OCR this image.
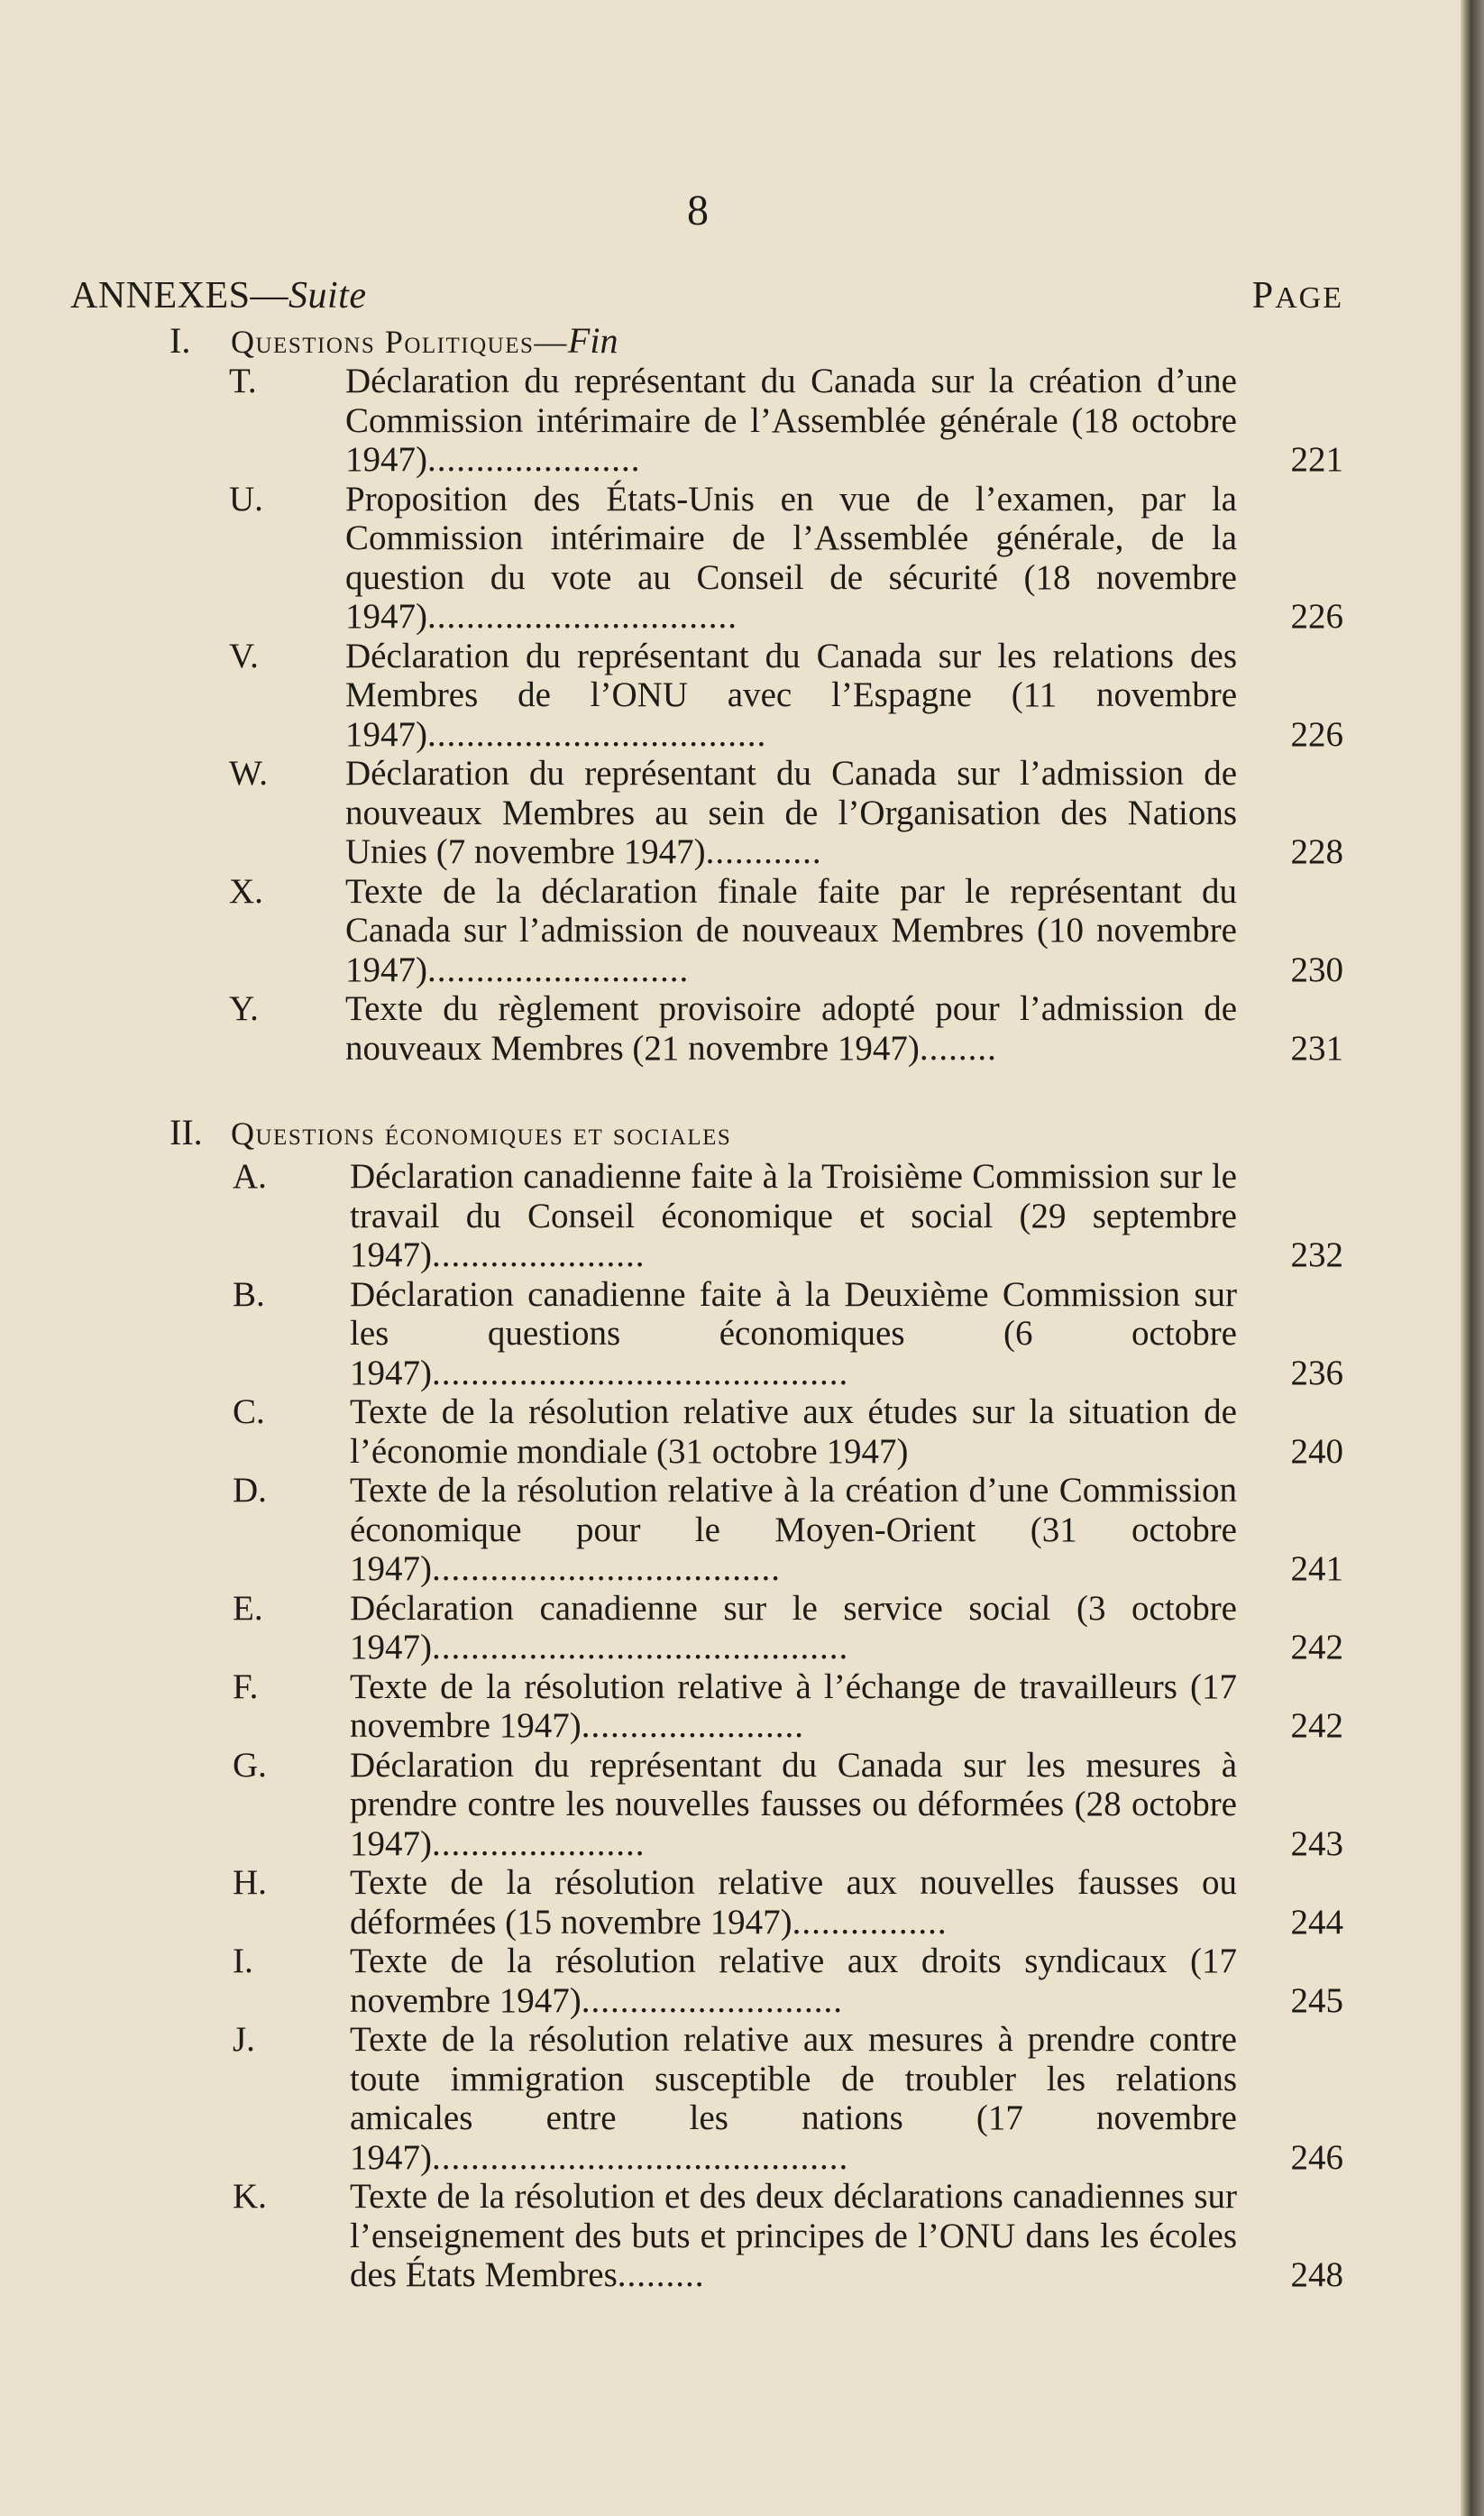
8
ANNEXES—Suite	PAGE
I. Questions Politiques—Fin
T.	Déclaration du représentant du Canada sur la création d’une Commission intérimaire de l’Assemblée générale (18 octobre 1947)......................	221
U. Proposition des États-Unis en vue de l’examen, par la Commission intérimaire de l’Assemblée générale, de la question du vote au Conseil de sécurité (18 novembre 1947)................................	226
V. Déclaration du représentant du Canada sur les relations des Membres de l’ONU avec l’Espagne (11 novembre 1947)...................................	226
W. Déclaration du représentant du Canada sur l’admission de nouveaux Membres au sein de l’Organisation des Nations Unies (7 novembre 1947)............	228
X. Texte de la déclaration finale faite par le représentant du Canada sur l’admission de nouveaux Membres (10 novembre 1947)...........................	230
Y. Texte du règlement provisoire adopté pour l’admission de nouveaux Membres (21 novembre 1947)........	231
II. Questions économiques et sociales
A. Déclaration canadienne faite à la Troisième Commission sur le travail du Conseil économique et social (29 septembre 1947)......................	232
B. Déclaration canadienne faite à la Deuxième Commission sur les questions économiques (6 octobre 1947)...........................................	236
C. Texte de la résolution relative aux études sur la situation de l’économie mondiale (31 octobre 1947)	240
D. Texte de la résolution relative à la création d’une Commission économique pour le Moyen-Orient (31 octobre 1947)....................................	241
E. Déclaration canadienne sur le service social (3 octobre 1947)...........................................	242
F.	Texte de la résolution relative à l’échange de travailleurs (17 novembre 1947).......................	242
G. Déclaration du représentant du Canada sur les mesures à prendre contre les nouvelles fausses ou déformées (28 octobre 1947)......................	243
H. Texte de la résolution relative aux nouvelles fausses ou déformées (15 novembre 1947)................	244
I.	Texte de la résolution relative aux droits syndicaux (17 novembre 1947)...........................	245
J.	Texte de la résolution relative aux mesures à prendre contre toute immigration susceptible de troubler les relations amicales entre les nations (17 novembre 1947)...........................................	246
K. Texte de la résolution et des deux déclarations canadiennes sur l’enseignement des buts et principes de l’ONU dans les écoles des États Membres.........	248
